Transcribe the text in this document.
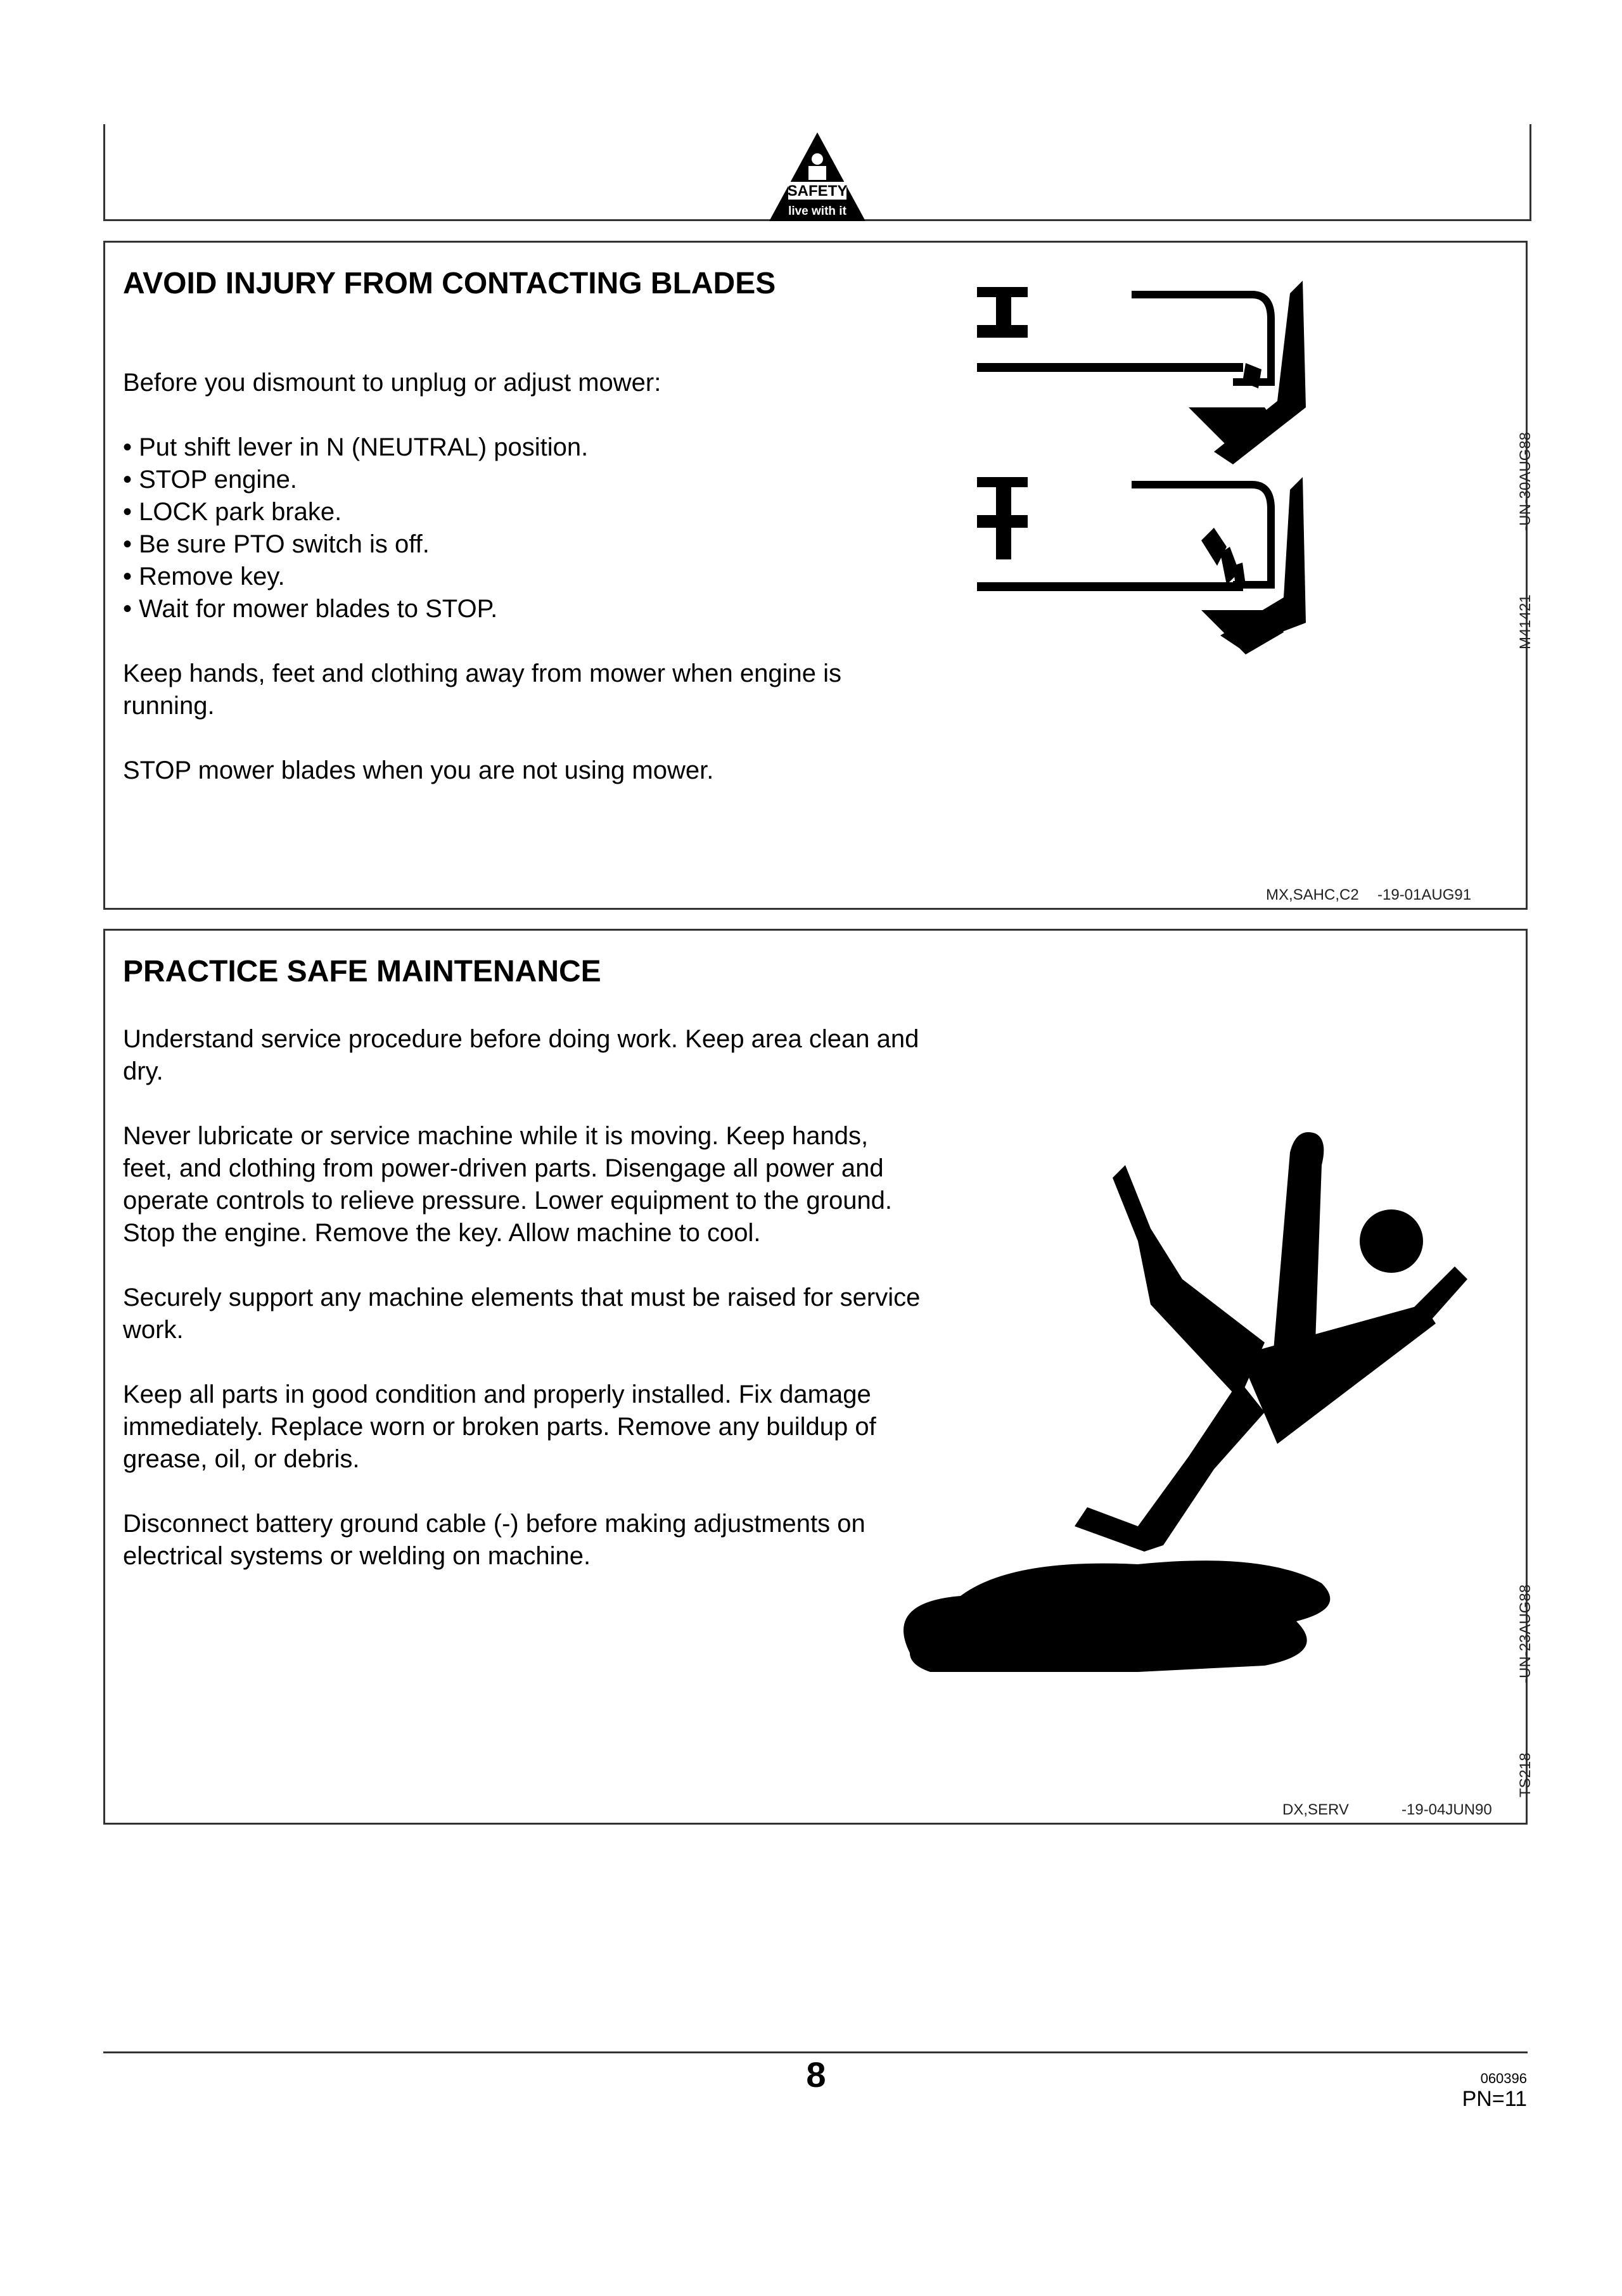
SAFETY
live with it
AVOID INJURY FROM CONTACTING BLADES

Before you dismount to unplug or adjust mower:

• Put shift lever in N (NEUTRAL) position.
• STOP engine.
• LOCK park brake.
• Be sure PTO switch is off.
• Remove key.
• Wait for mower blades to STOP.

Keep hands, feet and clothing away from mower when engine is running.

STOP mower blades when you are not using mower.

M41421
-UN-30AUG88
MX,SAHC,C2 -19-01AUG91
PRACTICE SAFE MAINTENANCE

Understand service procedure before doing work. Keep area clean and dry.

Never lubricate or service machine while it is moving. Keep hands, feet, and clothing from power-driven parts. Disengage all power and operate controls to relieve pressure. Lower equipment to the ground. Stop the engine. Remove the key. Allow machine to cool.

Securely support any machine elements that must be raised for service work.

Keep all parts in good condition and properly installed. Fix damage immediately. Replace worn or broken parts. Remove any buildup of grease, oil, or debris.

Disconnect battery ground cable (-) before making adjustments on electrical systems or welding on machine.

TS218
-UN-23AUG88
DX,SERV	-19-04JUN90
8	060396
PN=11
